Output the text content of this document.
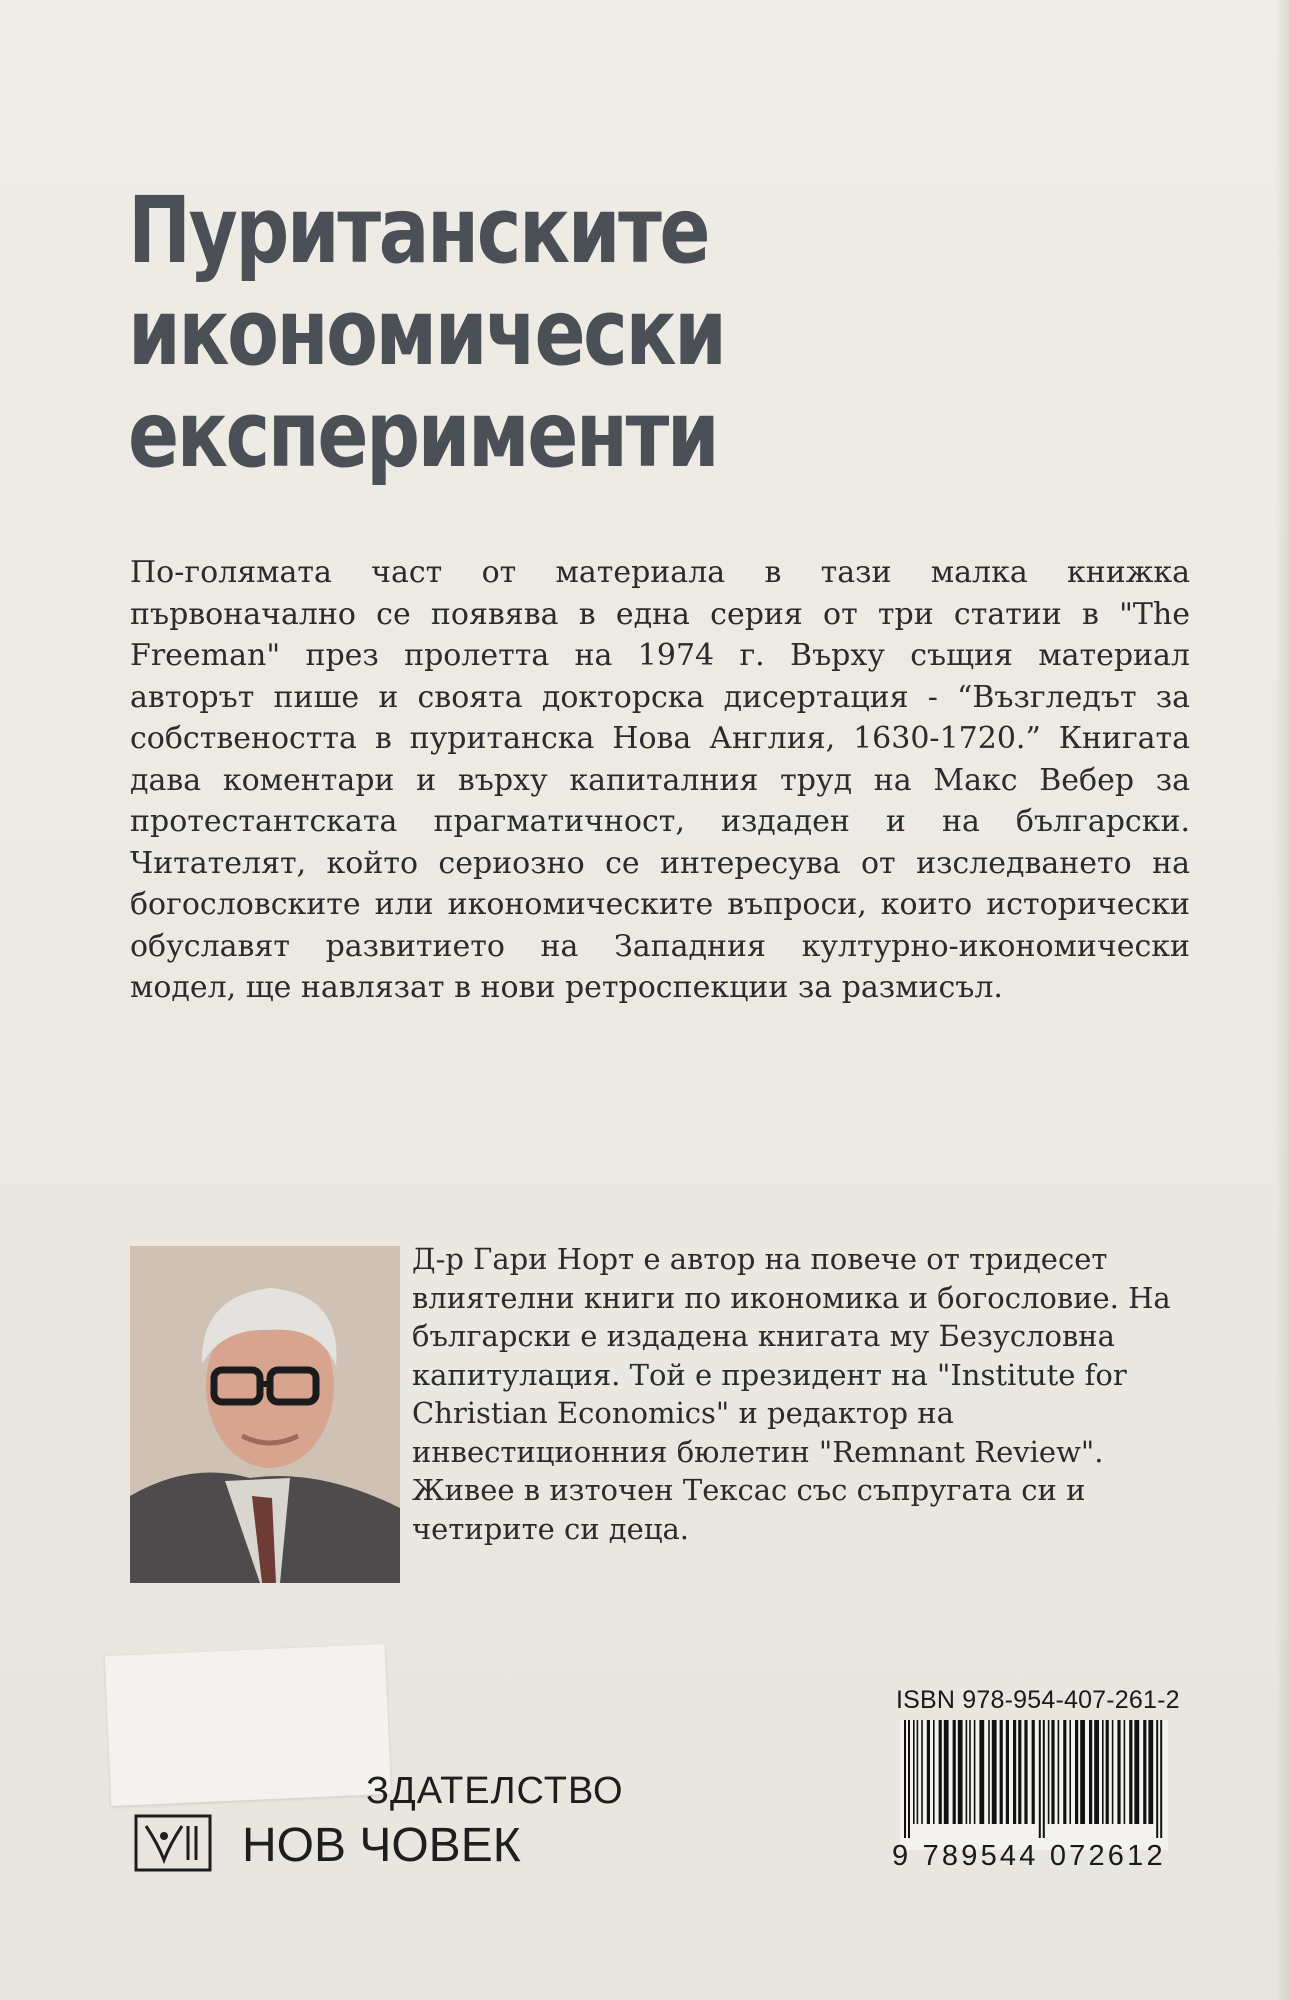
Пуританските
икономически
експерименти

По-голямата част от материала в тази малка книжка първоначално се появява в една серия от три статии в "The Freeman" през пролетта на 1974 г. Върху същия материал авторът пише и своята докторска дисертация - “Възгледът за собствеността в пуританска Нова Англия, 1630-1720.” Книгата дава коментари и върху капиталния труд на Макс Вебер за протестантската прагматичност, издаден и на български. Читателят, който сериозно се интересува от изследването на богословските или икономическите въпроси, които исторически обуславят развитието на Западния културно-икономически модел, ще навлязат в нови ретроспекции за размисъл.

Д-р Гари Норт е автор на повече от тридесет влиятелни книги по икономика и богословие. На български е издадена книгата му Безусловна капитулация. Той е президент на "Institute for Christian Economics" и редактор на инвестиционния бюлетин "Remnant Review". Живее в източен Тексас със съпругата си и четирите си деца.

ЗДАТЕЛСТВО
НОВ ЧОВЕК
ISBN 978-954-407-261-2
9 789544 072612
